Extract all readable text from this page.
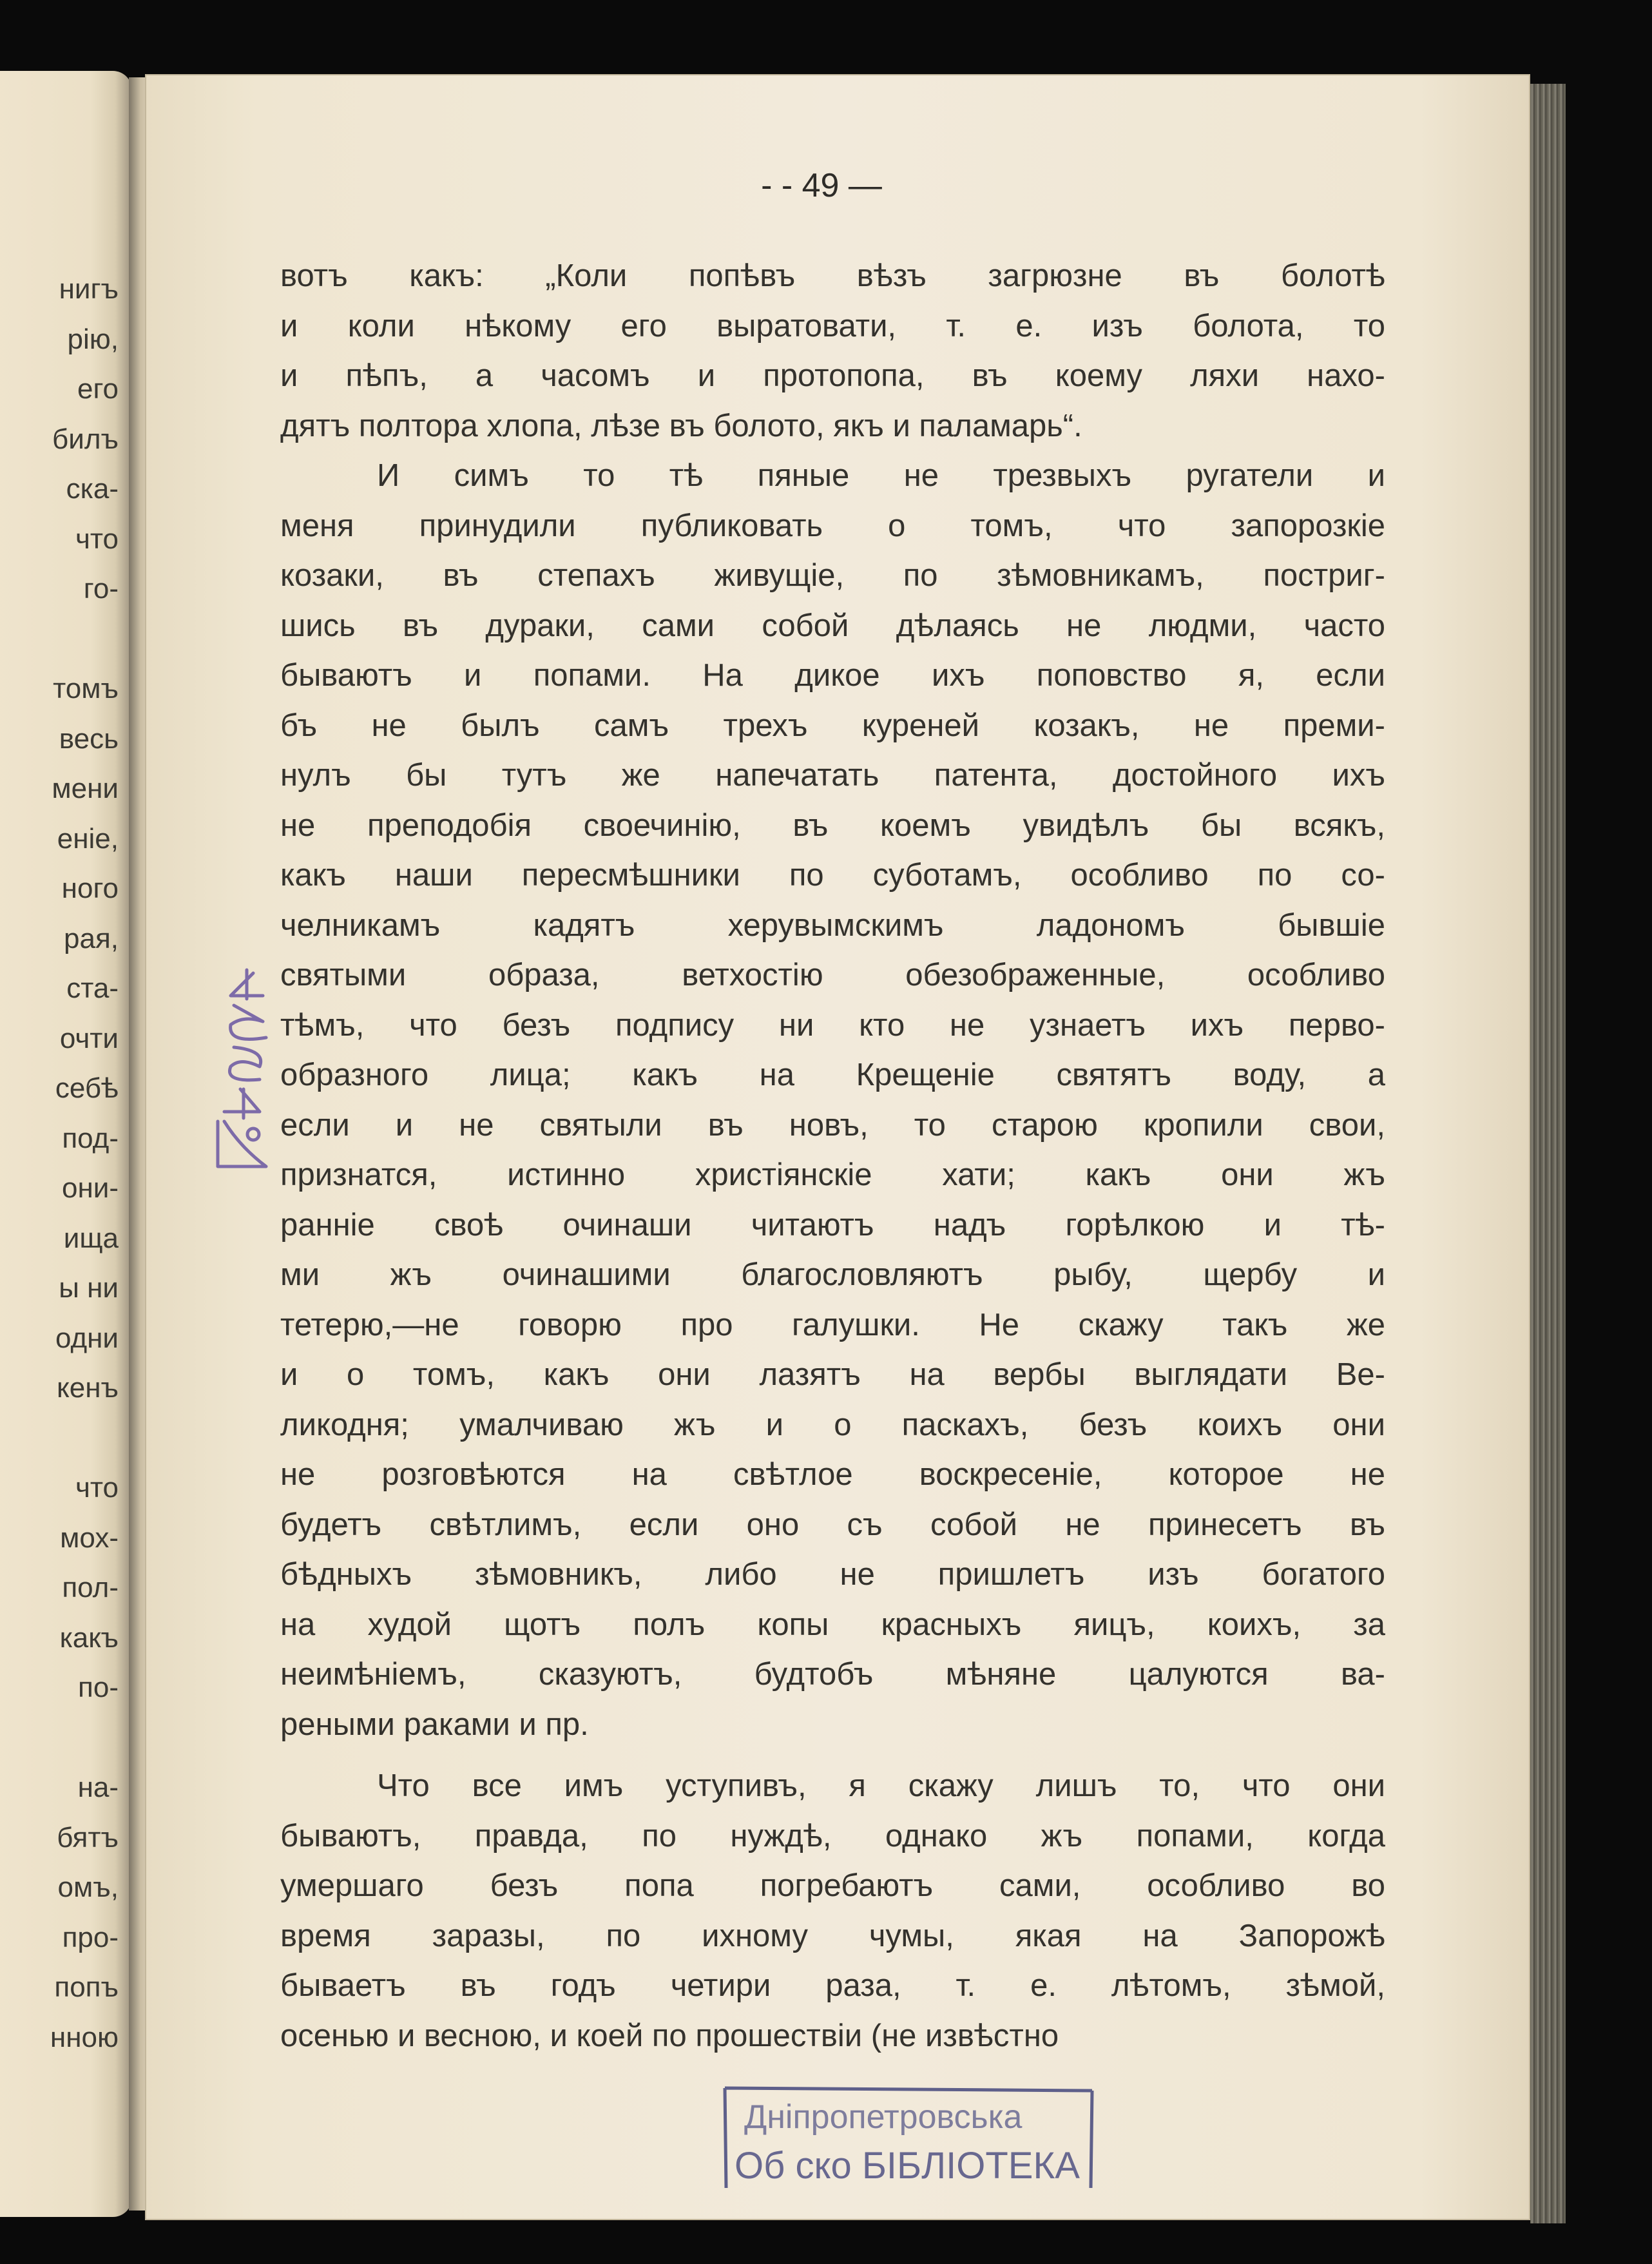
нигъ
рію,
его
билъ
ска-
что
го-
томъ
весь
мени
еніе,
ного
рая,
ста-
очти
себѣ
под-
они-
ища
ы ни
одни
кенъ
что
мох-
пол-
какъ
по-
на-
бятъ
омъ,
про-
попъ
нною
- - 49 —
вотъ какъ: „Коли попѣвъ вѣзъ загрюзне въ болотѣ
и коли нѣкому его выратовати, т. е. изъ болота, то
и пѣпъ, а часомъ и протопопа, въ коему ляхи нахо-
дятъ полтора хлопа, лѣзе въ болото, якъ и паламарь“.
И симъ то тѣ пяные не трезвыхъ ругатели и
меня принудили публиковать о томъ, что запорозкіе
козаки, въ степахъ живущіе, по зѣмовникамъ, постриг-
шись въ дураки, сами собой дѣлаясь не людми, часто
бываютъ и попами. На дикое ихъ поповство я, если
бъ не былъ самъ трехъ куреней козакъ, не преми-
нулъ бы тутъ же напечатать патента, достойного ихъ
не преподобія своечинію, въ коемъ увидѣлъ бы всякъ,
какъ наши пересмѣшники по суботамъ, особливо по со-
челникамъ кадятъ херувымскимъ ладономъ бывшіе
святыми образа, ветхостію обезображенные, особливо
тѣмъ, что безъ подпису ни кто не узнаетъ ихъ перво-
образного лица; какъ на Крещеніе святятъ воду, а
если и не святыли въ новъ, то старою кропили свои,
признатся, истинно христіянскіе хати; какъ они жъ
ранніе своѣ очинаши читаютъ надъ горѣлкою и тѣ-
ми жъ очинашими благословляютъ рыбу, щербу и
тетерю,—не говорю про галушки. Не скажу такъ же
и о томъ, какъ они лазятъ на вербы выглядати Ве-
ликодня; умалчиваю жъ и о паскахъ, безъ коихъ они
не розговѣются на свѣтлое воскресеніе, которое не
будетъ свѣтлимъ, если оно съ собой не принесетъ въ
бѣдныхъ зѣмовникъ, либо не пришлетъ изъ богатого
на худой щотъ полъ копы красныхъ яицъ, коихъ, за
неимѣніемъ, сказуютъ, будтобъ мѣняне цалуются ва-
реными раками и пр.
Что все имъ уступивъ, я скажу лишъ то, что они
бываютъ, правда, по нуждѣ, однако жъ попами, когда
умершаго безъ попа погребаютъ сами, особливо во
время заразы, по ихному чумы, якая на Запорожѣ
бываетъ въ годъ четири раза, т. е. лѣтомъ, зѣмой,
осенью и весною, и коей по прошествіи (не извѣстно
№4234
Дніпропетровська
Об ско БІБЛІОТЕКА
